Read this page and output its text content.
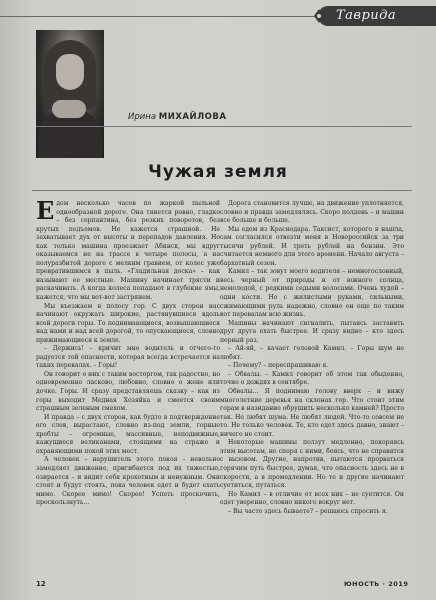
Таврида
Ирина МИХАЙЛОВА
Чужая земля

Едем несколько часов по жаркой пыльной однообразной дороге. Она тянется ровно, гладко – без серпантина, без резких поворотов, без крутых подъемов. Не кажется страшной. Не захватывает дух от высоты и перепадов давления. Но как только машина проезжает Абинск, мы вдруг оказываемся не на трассе в четыре полосы, а на полуразбитой дороге с мелким гравием, от колес уже превратившимся в пыль. «Гладильная доска» – как называют ее местные. Машину начинает трясти и раскачивать. А когда колеса попадают в глубокие ямы, кажется, что мы вот-вот застрянем.

Мы въезжаем в полосу гор. С двух сторон нас начинают окружать широкие, растянувшиеся вдоль всей дороги горы. То поднимающиеся, возвышающиеся над нами и над всей дорогой, то опускающиеся, словно прижимающиеся к земле.

– Держись! – кричит мне водитель и отчего-то радуется той опасности, которая всегда встречается на таких перевалах. – Горы!

Он говорит о них с таким восторгом, так радостно, но одновременно ласково, любовно, словно о жене или дочке. Горы. И сразу представляешь сказку – как из горы выходит Медная Хозяйка и смеется своим страшным зеленым смехом.

И правда – с двух сторон, как будто в подтверждение его слов, вырастают, словно из-под земли, горные хребты – огромные, массивные, неподвижные, кажущиеся великанами, стоящими на страже и охраняющими покой этих мест.

А человек – нарушитель этого покоя – невольно замедляет движение, пригибается под их тяжестью, озирается – и видит себя крохотным и ненужным. Они стоят и будут стоять, пока человек едет и будет ехать мимо. Скорее мимо! Скорее! Успеть проскочить, проскользнуть...

Дорога становится лучше, на движение уплотняется, словно и правда замедлялясь. Скоро полдень – и машин все больше и больше.

Мы едем из Краснодара. Таксист, которого я нашла, сам согласился отвезти меня в Новороссийск за три тысячи рублей. И треть рублей на бензин. Это считается немного для этого времени. Начало августа – бархатный сезон.

Камил – так зовут моего водителя – немногословный, весь черный от природы и от южного солнца, немолодой, с редкими седыми волосами. Очень худой – одни кости. Но с жилистыми руками, сильными, сжимающими руль надежно, словно он еще по таким вот перевалам всю жизнь.

Машины начинают сигналить, пытаясь заставить друг друга ехать быстрее. И сразу видно – кто здесь первый раз.

– Ай-яй, – качает головой Камил. – Горы шум не любят.

– Почему? – переспрашиваю я.

– Обвалы. – Камил говорит об этом так обыденно, точно о дождях в сентябре.

Обвалы... Я поднимаю голову вверх – и вижу многолетние деревья на склонах гор. Что стоит этим горам в назидание обрушить несколько камней? Просто так. Не любят шума. Не любят людей. Что-то совсем не то. Не только человек. Те, кто едет здесь давно, знают – ничего не стоит.

Некоторые машины ползут медленно, покоряясь этим высотам, не споря с ними, боясь, что не справятся с вызовом. Другие, напротив, пытаются прорваться горячим путь быстрее, думая, что опасность здесь не в скорости, а в промедлении. Но те и другие начинают суетиться, путаться.

Но Камил – в отличие от всех них – не суетится. Он едет уверенно, словно никого вокруг нет.

– Вы часто здесь бываете? – решаюсь спросить я.

12	ЮНОСТЬ · 2019
